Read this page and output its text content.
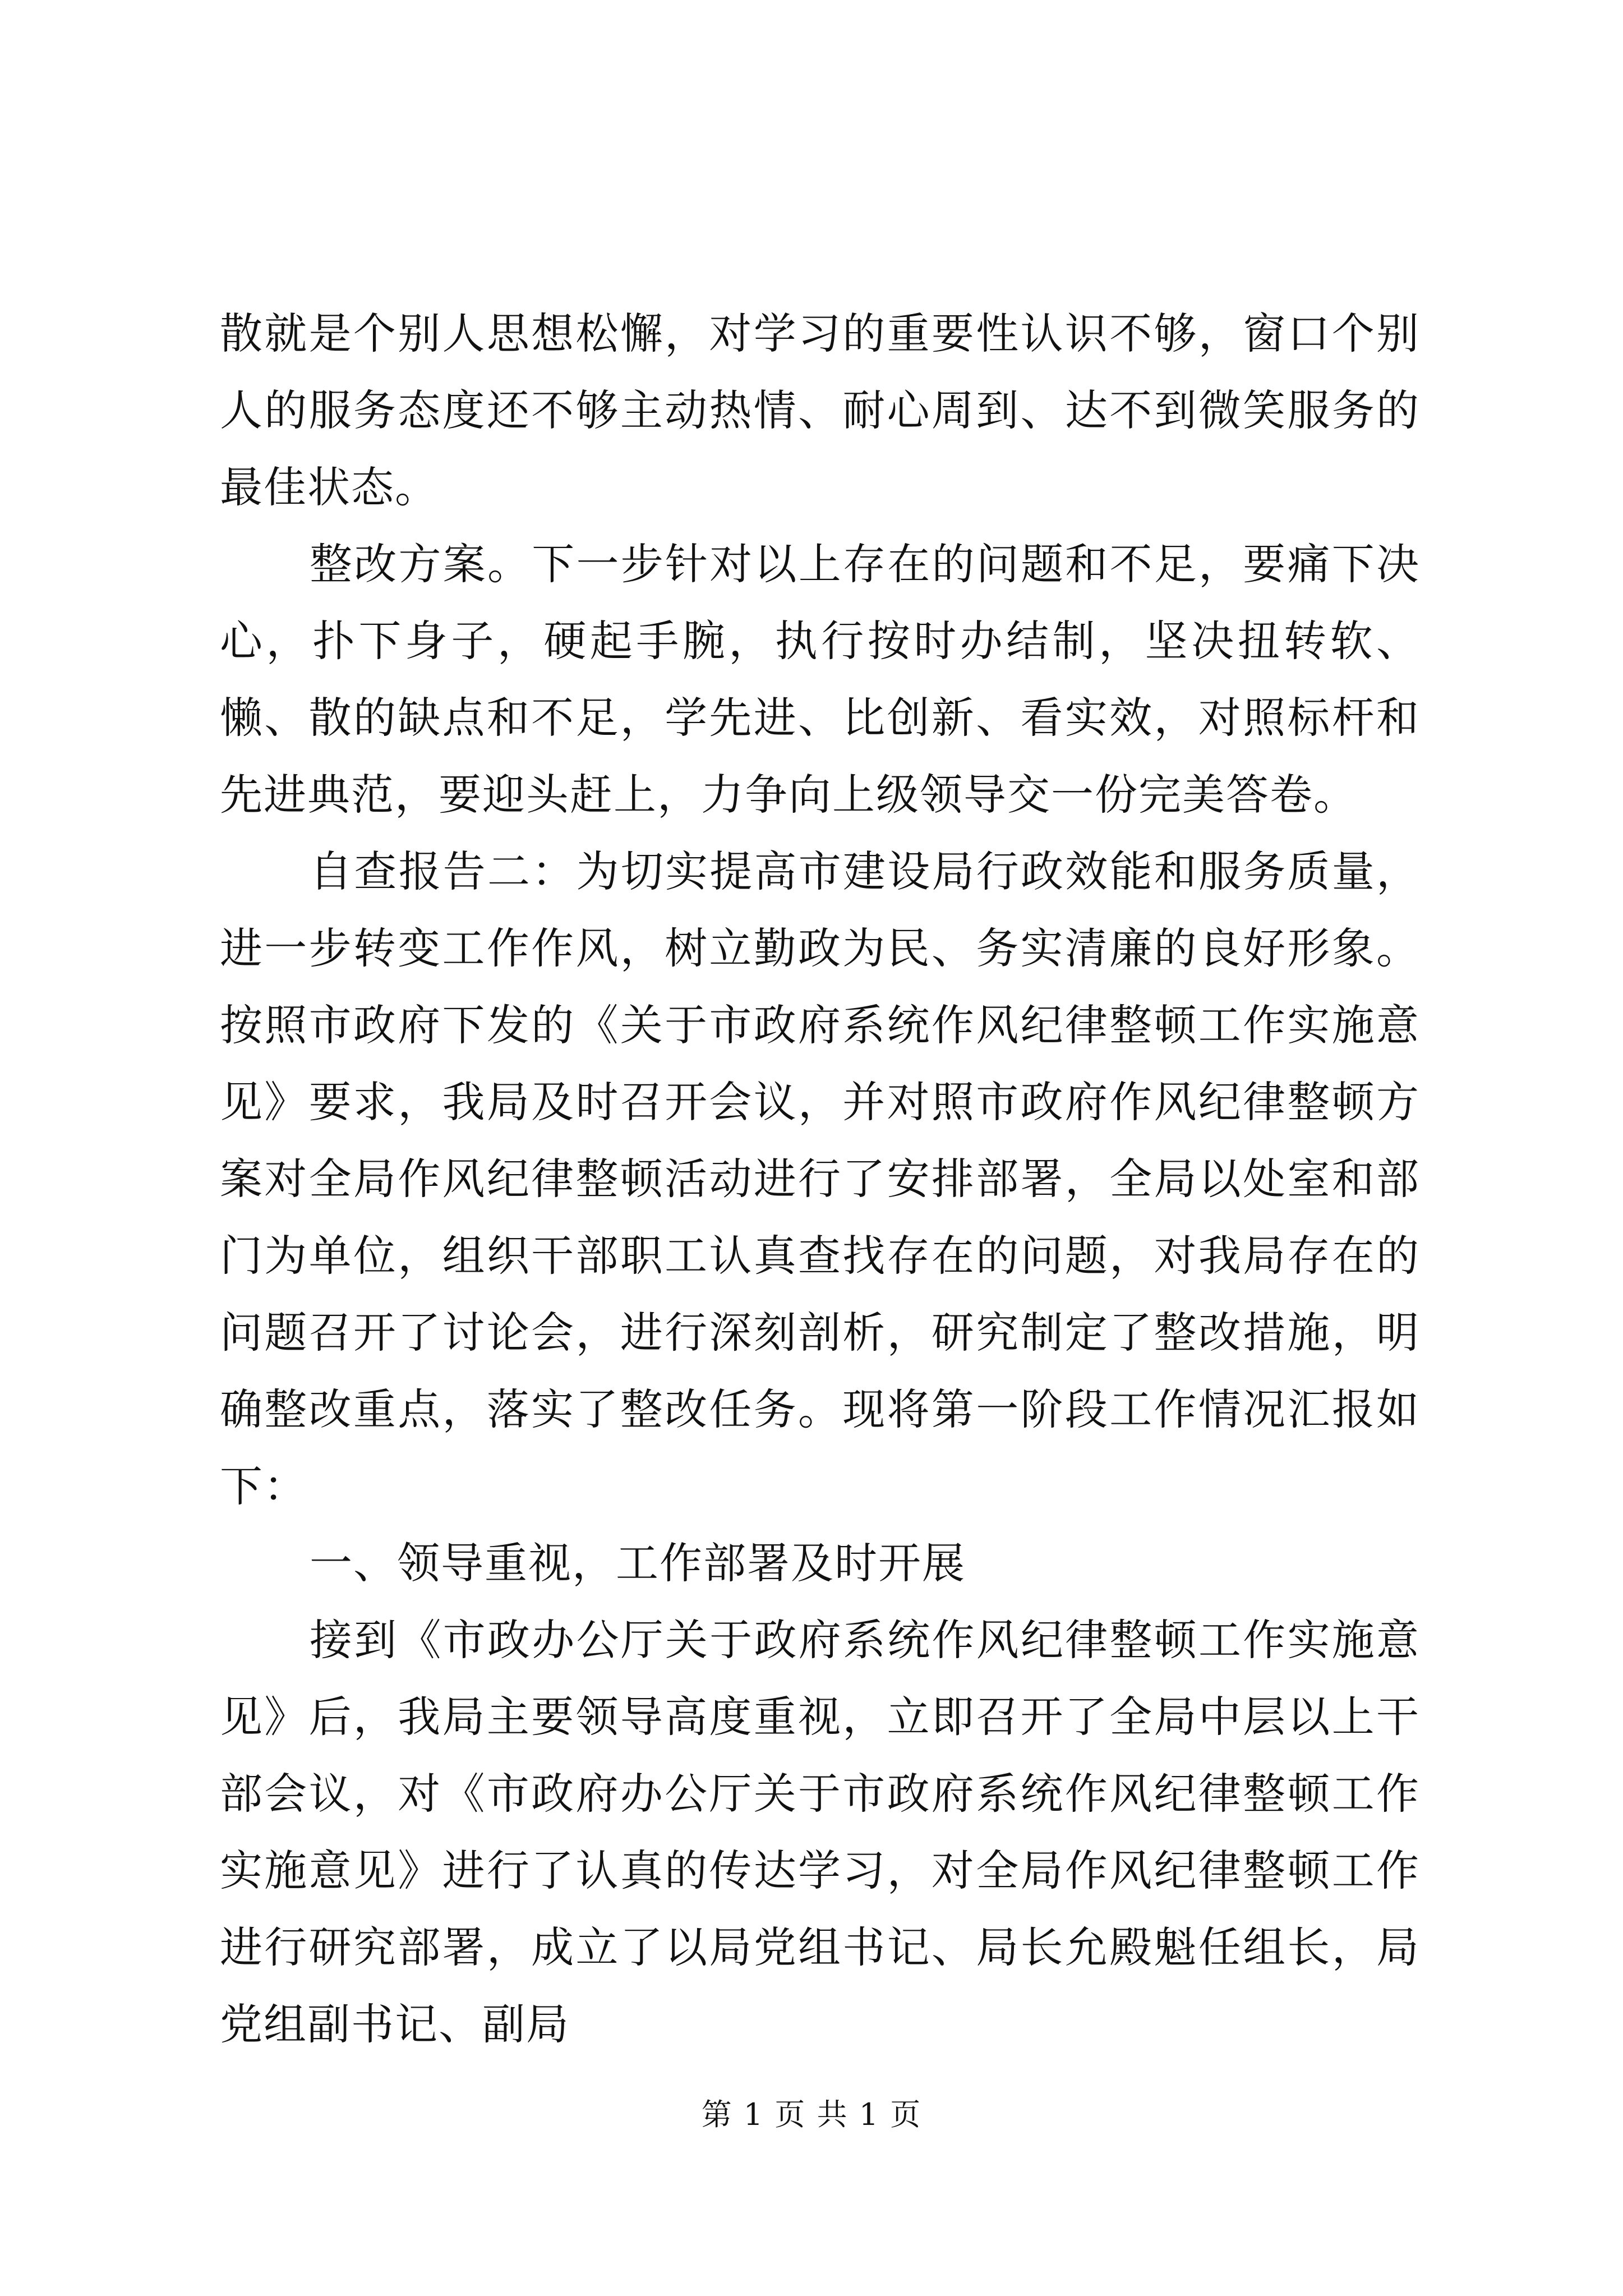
散就是个别人思想松懈，对学习的重要性认识不够，窗口个别人的服务态度还不够主动热情、耐心周到、达不到微笑服务的最佳状态。

整改方案。下一步针对以上存在的问题和不足，要痛下决心，扑下身子，硬起手腕，执行按时办结制，坚决扭转软、懒、散的缺点和不足，学先进、比创新、看实效，对照标杆和先进典范，要迎头赶上，力争向上级领导交一份完美答卷。

自查报告二：为切实提高市建设局行政效能和服务质量，进一步转变工作作风，树立勤政为民、务实清廉的良好形象。按照市政府下发的《关于市政府系统作风纪律整顿工作实施意见》要求，我局及时召开会议，并对照市政府作风纪律整顿方案对全局作风纪律整顿活动进行了安排部署，全局以处室和部门为单位，组织干部职工认真查找存在的问题，对我局存在的问题召开了讨论会，进行深刻剖析，研究制定了整改措施，明确整改重点，落实了整改任务。现将第一阶段工作情况汇报如下：

一、领导重视，工作部署及时开展

接到《市政办公厅关于政府系统作风纪律整顿工作实施意见》后，我局主要领导高度重视，立即召开了全局中层以上干部会议，对《市政府办公厅关于市政府系统作风纪律整顿工作实施意见》进行了认真的传达学习，对全局作风纪律整顿工作进行研究部署，成立了以局党组书记、局长允殿魁任组长，局党组副书记、副局

第 1 页 共 1 页
